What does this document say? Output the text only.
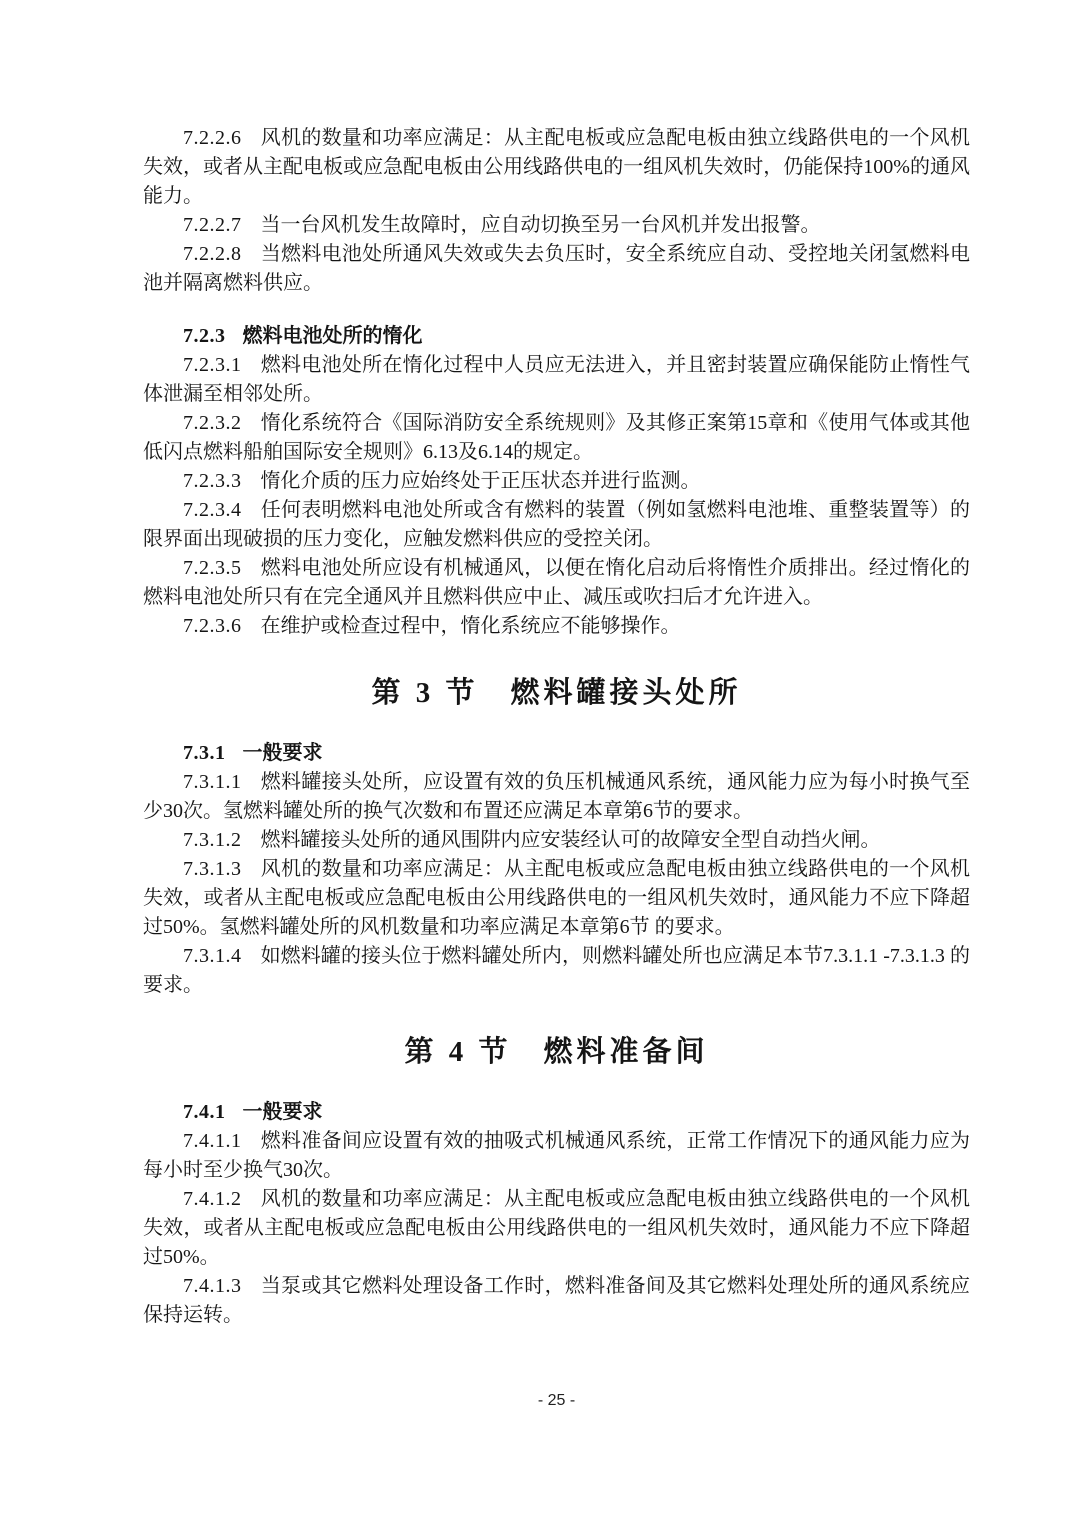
7.2.2.6 风机的数量和功率应满足：从主配电板或应急配电板由独立线路供电的一个风机失效，或者从主配电板或应急配电板由公用线路供电的一组风机失效时，仍能保持100%的通风能力。

7.2.2.7 当一台风机发生故障时，应自动切换至另一台风机并发出报警。

7.2.2.8 当燃料电池处所通风失效或失去负压时，安全系统应自动、受控地关闭氢燃料电池并隔离燃料供应。

7.2.3 燃料电池处所的惰化

7.2.3.1 燃料电池处所在惰化过程中人员应无法进入，并且密封装置应确保能防止惰性气体泄漏至相邻处所。

7.2.3.2 惰化系统符合《国际消防安全系统规则》及其修正案第15章和《使用气体或其他低闪点燃料船舶国际安全规则》6.13及6.14的规定。

7.2.3.3 惰化介质的压力应始终处于正压状态并进行监测。

7.2.3.4 任何表明燃料电池处所或含有燃料的装置（例如氢燃料电池堆、重整装置等）的限界面出现破损的压力变化，应触发燃料供应的受控关闭。

7.2.3.5 燃料电池处所应设有机械通风，以便在惰化启动后将惰性介质排出。经过惰化的燃料电池处所只有在完全通风并且燃料供应中止、减压或吹扫后才允许进入。

7.2.3.6 在维护或检查过程中，惰化系统应不能够操作。

第 3 节 燃料罐接头处所

7.3.1 一般要求

7.3.1.1 燃料罐接头处所，应设置有效的负压机械通风系统，通风能力应为每小时换气至少30次。氢燃料罐处所的换气次数和布置还应满足本章第6节的要求。

7.3.1.2 燃料罐接头处所的通风围阱内应安装经认可的故障安全型自动挡火闸。

7.3.1.3 风机的数量和功率应满足：从主配电板或应急配电板由独立线路供电的一个风机失效，或者从主配电板或应急配电板由公用线路供电的一组风机失效时，通风能力不应下降超过50%。氢燃料罐处所的风机数量和功率应满足本章第6节 的要求。

7.3.1.4 如燃料罐的接头位于燃料罐处所内，则燃料罐处所也应满足本节7.3.1.1 -7.3.1.3 的要求。

第 4 节 燃料准备间

7.4.1 一般要求

7.4.1.1 燃料准备间应设置有效的抽吸式机械通风系统，正常工作情况下的通风能力应为每小时至少换气30次。

7.4.1.2 风机的数量和功率应满足：从主配电板或应急配电板由独立线路供电的一个风机失效，或者从主配电板或应急配电板由公用线路供电的一组风机失效时，通风能力不应下降超过50%。

7.4.1.3 当泵或其它燃料处理设备工作时，燃料准备间及其它燃料处理处所的通风系统应保持运转。

- 25 -
